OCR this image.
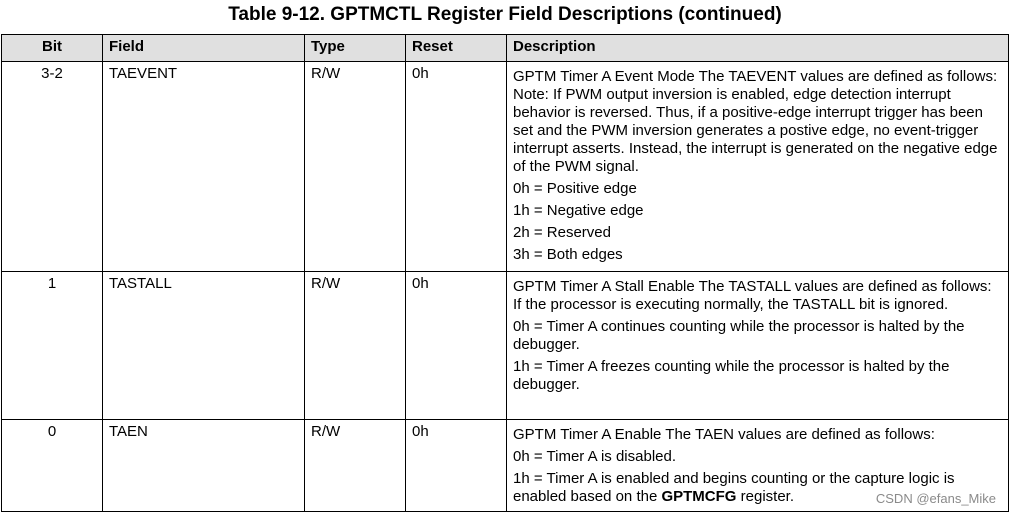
Table 9-12. GPTMCTL Register Field Descriptions (continued)
Bit	Field	Type	Reset	Description
3-2	TAEVENT	R/W	0h	GPTM Timer A Event Mode The TAEVENT values are defined as follows: Note: If PWM output inversion is enabled, edge detection interrupt behavior is reversed. Thus, if a positive-edge interrupt trigger has been set and the PWM inversion generates a postive edge, no event-trigger interrupt asserts. Instead, the interrupt is generated on the negative edge of the PWM signal.

0h = Positive edge

1h = Negative edge

2h = Reserved

3h = Both edges

1	TASTALL	R/W	0h	GPTM Timer A Stall Enable The TASTALL values are defined as follows: If the processor is executing normally, the TASTALL bit is ignored.

0h = Timer A continues counting while the processor is halted by the debugger.

1h = Timer A freezes counting while the processor is halted by the debugger.

0	TAEN	R/W	0h	GPTM Timer A Enable The TAEN values are defined as follows:

0h = Timer A is disabled.

1h = Timer A is enabled and begins counting or the capture logic is enabled based on the GPTMCFG register.	CSDN @efans_Mike
